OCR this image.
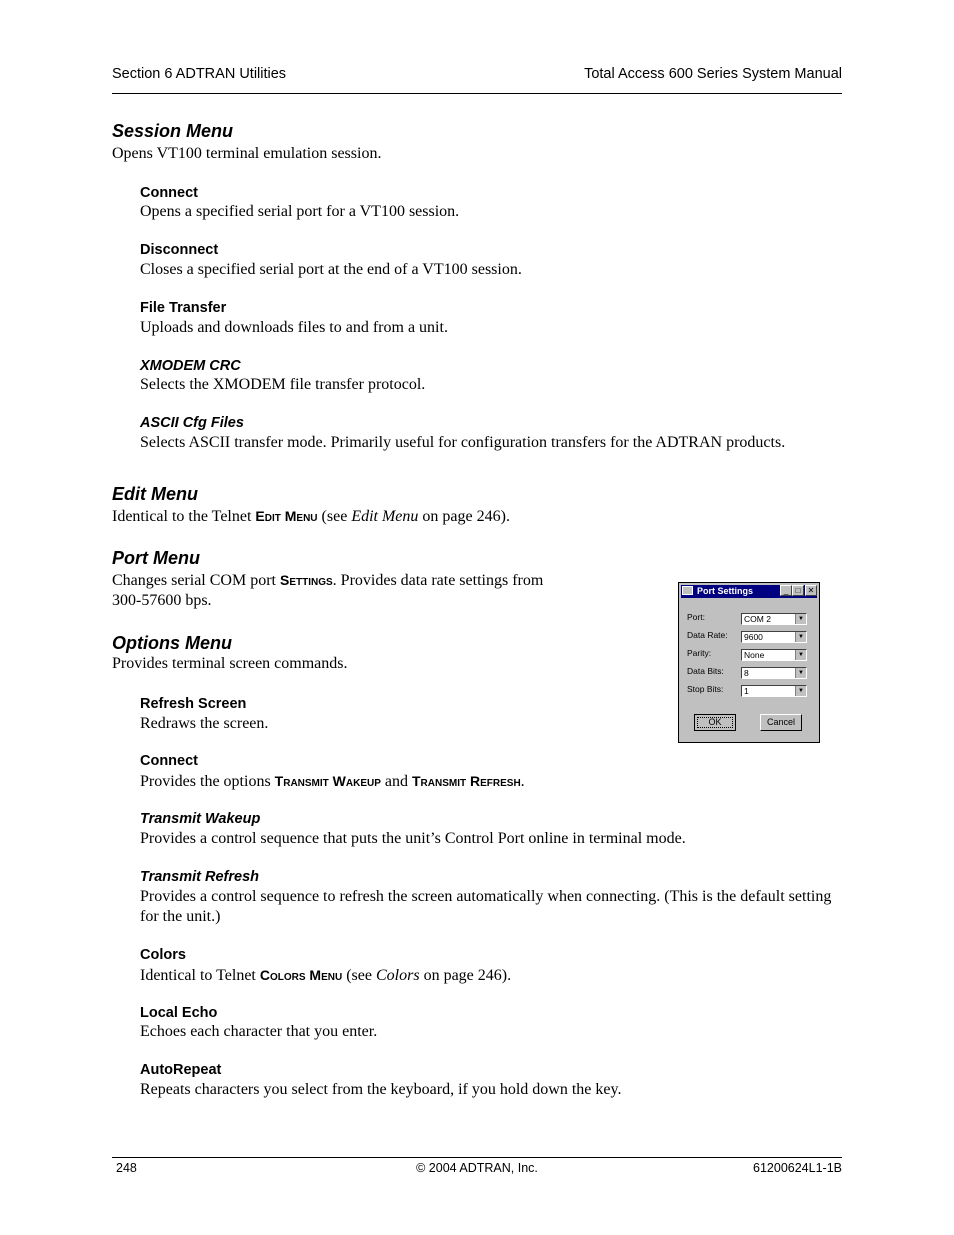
Section 6 ADTRAN Utilities	Total Access 600 Series System Manual
Session Menu

Opens VT100 terminal emulation session.

Connect

Opens a specified serial port for a VT100 session.

Disconnect

Closes a specified serial port at the end of a VT100 session.

File Transfer

Uploads and downloads files to and from a unit.

XMODEM CRC

Selects the XMODEM file transfer protocol.

ASCII Cfg Files

Selects ASCII transfer mode. Primarily useful for configuration transfers for the ADTRAN products.

Edit Menu

Identical to the Telnet Edit Menu (see Edit Menu on page 246).

Port Menu

Changes serial COM port Settings. Provides data rate settings from
300-57600 bps.

Options Menu

Provides terminal screen commands.

Refresh Screen

Redraws the screen.

Connect

Provides the options Transmit Wakeup and Transmit Refresh.

Transmit Wakeup

Provides a control sequence that puts the unit’s Control Port online in terminal mode.

Transmit Refresh

Provides a control sequence to refresh the screen automatically when connecting. (This is the default setting for the unit.)

Colors

Identical to Telnet Colors Menu (see Colors on page 246).

Local Echo

Echoes each character that you enter.

AutoRepeat

Repeats characters you select from the keyboard, if you hold down the key.

Port Settings	_ □ ✕
Port:	COM 2	▼
Data Rate:	9600	▼
Parity:	None	▼
Data Bits:	8	▼
Stop Bits:	1	▼
OK	Cancel
248	© 2004 ADTRAN, Inc.	61200624L1-1B
